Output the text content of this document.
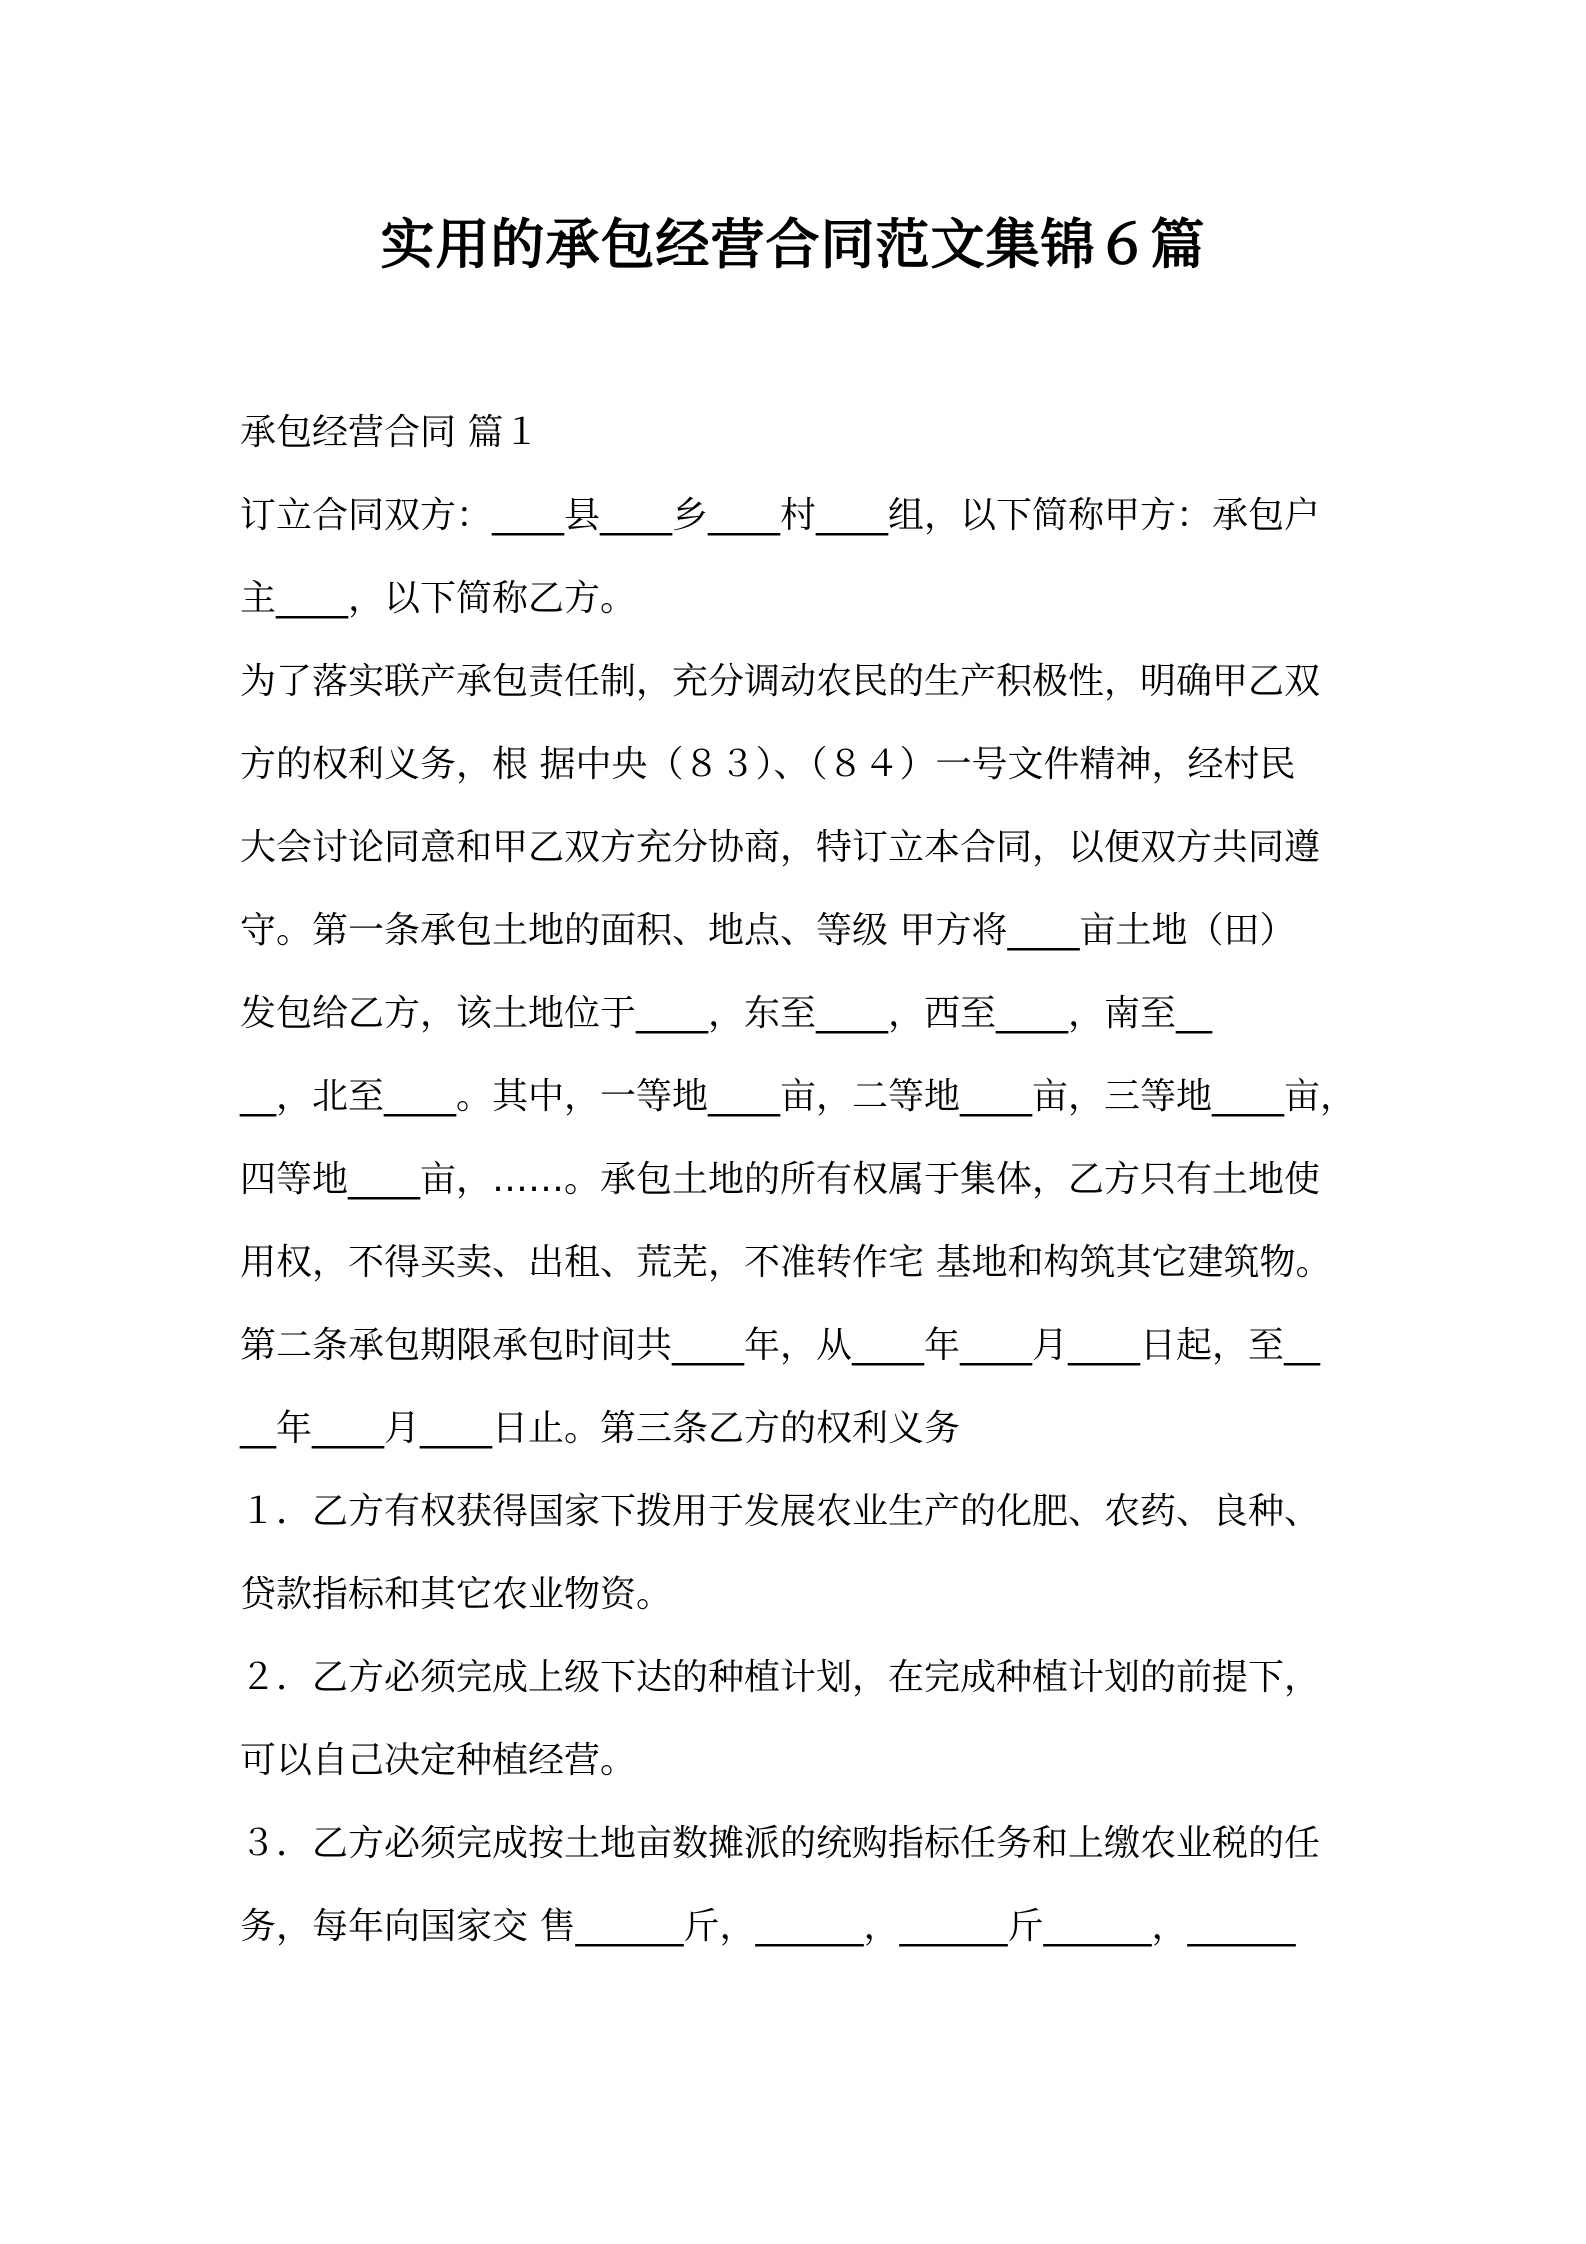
实用的承包经营合同范文集锦６篇
承包经营合同 篇１
订立合同双方：____县____乡____村____组，以下简称甲方：承包户
主____，以下简称乙方。
为了落实联产承包责任制，充分调动农民的生产积极性，明确甲乙双
方的权利义务，根 据中央（８３）、（８４）一号文件精神，经村民
大会讨论同意和甲乙双方充分协商，特订立本合同，以便双方共同遵
守。第一条承包土地的面积、地点、等级 甲方将____亩土地（田）
发包给乙方，该土地位于____，东至____，西至____，南至__
__，北至____。其中，一等地____亩，二等地____亩，三等地____亩，
四等地____亩，……。承包土地的所有权属于集体，乙方只有土地使
用权，不得买卖、出租、荒芜，不准转作宅 基地和构筑其它建筑物。
第二条承包期限承包时间共____年，从____年____月____日起，至__
__年____月____日止。第三条乙方的权利义务
１．乙方有权获得国家下拨用于发展农业生产的化肥、农药、良种、
贷款指标和其它农业物资。
２．乙方必须完成上级下达的种植计划，在完成种植计划的前提下，
可以自己决定种植经营。
３．乙方必须完成按土地亩数摊派的统购指标任务和上缴农业税的任
务，每年向国家交 售______斤，______，______斤______，______
